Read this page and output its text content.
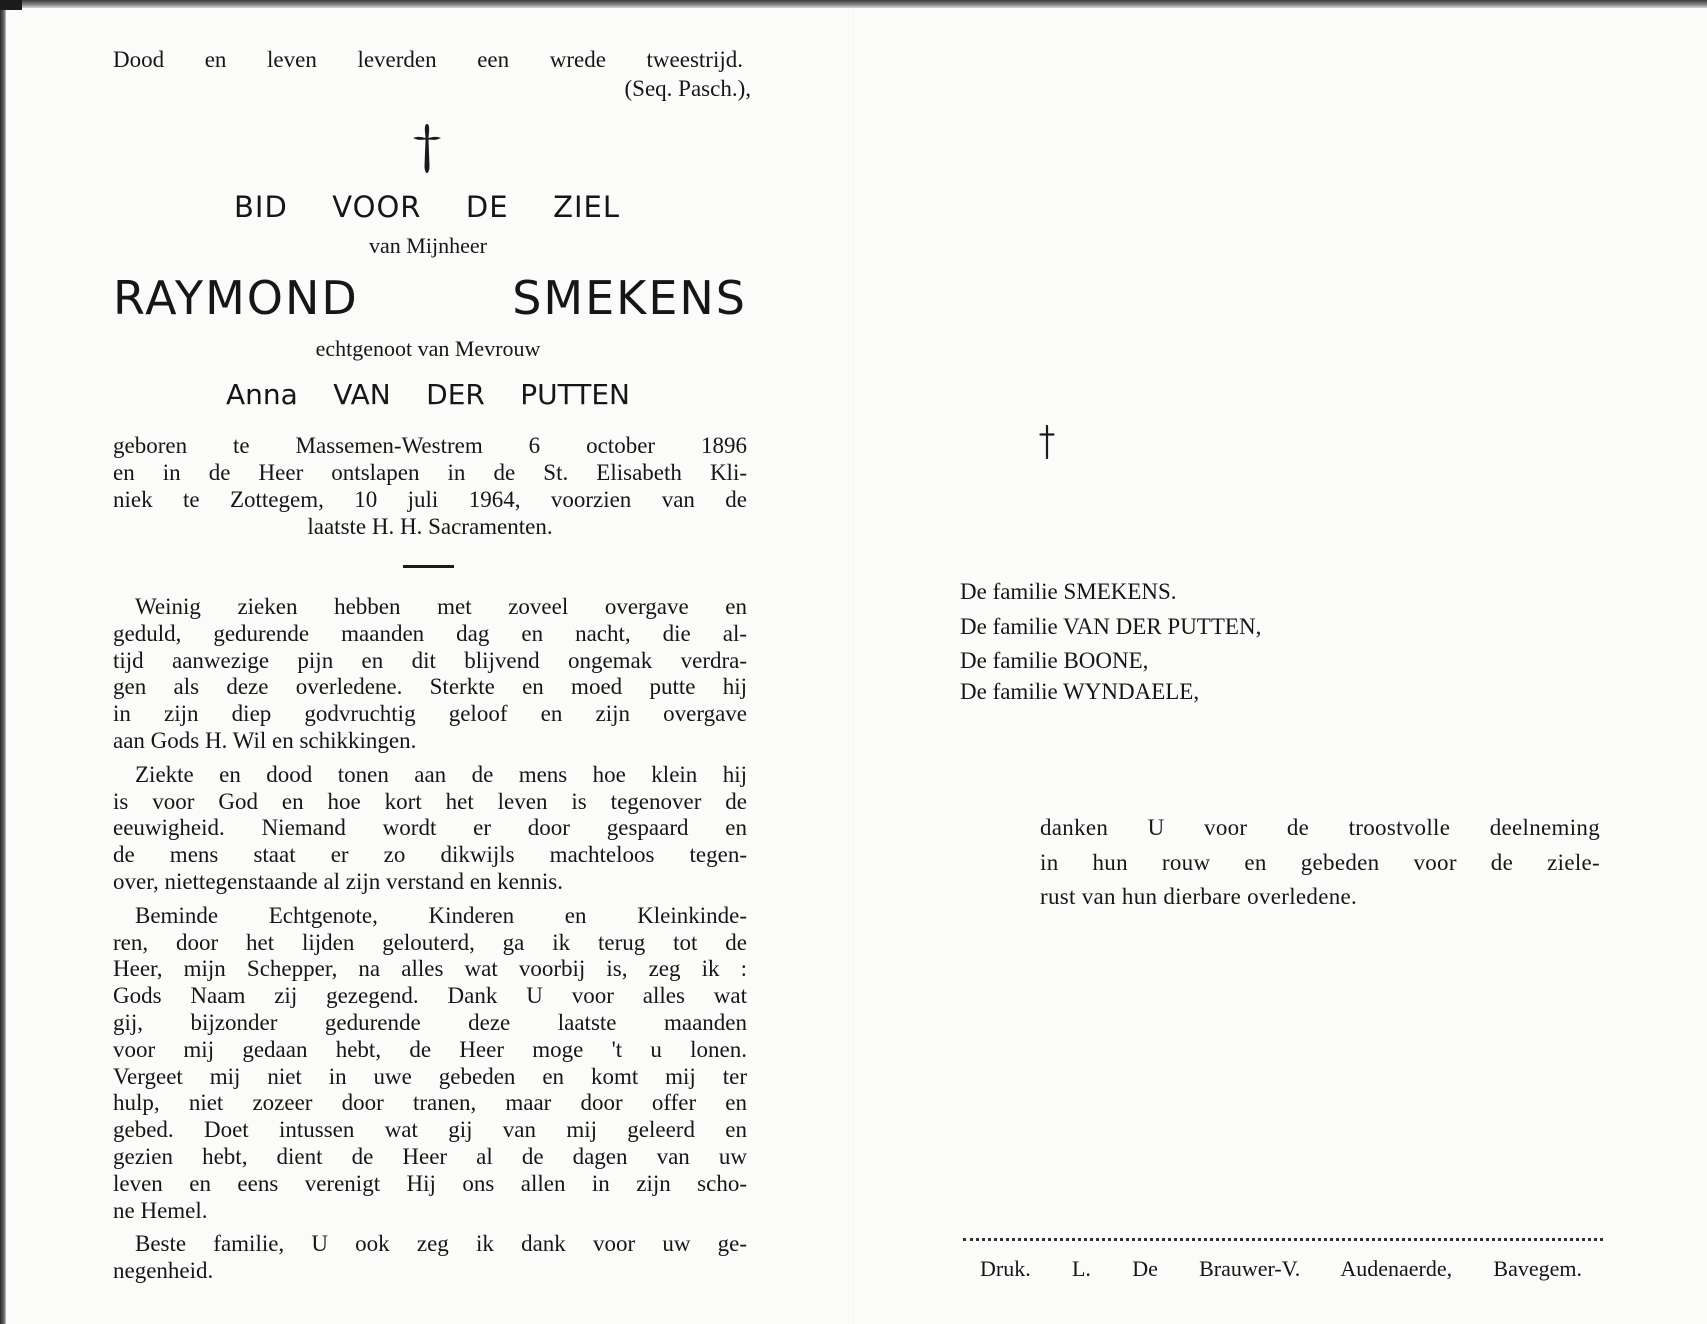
Dood en leven leverden een wrede tweestrijd.
(Seq. Pasch.),
BID VOOR DE ZIEL
van Mijnheer
RAYMOND SMEKENS
echtgenoot van Mevrouw
Anna VAN DER PUTTEN
geboren te Massemen-Westrem 6 october 1896
en in de Heer ontslapen in de St. Elisabeth Kli-
niek te Zottegem, 10 juli 1964, voorzien van de
laatste H. H. Sacramenten.
Weinig zieken hebben met zoveel overgave en
geduld, gedurende maanden dag en nacht, die al-
tijd aanwezige pijn en dit blijvend ongemak verdra-
gen als deze overledene. Sterkte en moed putte hij
in zijn diep godvruchtig geloof en zijn overgave
aan Gods H. Wil en schikkingen.
Ziekte en dood tonen aan de mens hoe klein hij
is voor God en hoe kort het leven is tegenover de
eeuwigheid. Niemand wordt er door gespaard en
de mens staat er zo dikwijls machteloos tegen-
over, niettegenstaande al zijn verstand en kennis.
Beminde Echtgenote, Kinderen en Kleinkinde-
ren, door het lijden gelouterd, ga ik terug tot de
Heer, mijn Schepper, na alles wat voorbij is, zeg ik :
Gods Naam zij gezegend. Dank U voor alles wat
gij, bijzonder gedurende deze laatste maanden
voor mij gedaan hebt, de Heer moge 't u lonen.
Vergeet mij niet in uwe gebeden en komt mij ter
hulp, niet zozeer door tranen, maar door offer en
gebed. Doet intussen wat gij van mij geleerd en
gezien hebt, dient de Heer al de dagen van uw
leven en eens verenigt Hij ons allen in zijn scho-
ne Hemel.
Beste familie, U ook zeg ik dank voor uw ge-
negenheid.
De familie SMEKENS.
De familie VAN DER PUTTEN,
De familie BOONE,
De familie WYNDAELE,
danken U voor de troostvolle deelneming
in hun rouw en gebeden voor de ziele-
rust van hun dierbare overledene.
Druk. L. De Brauwer-V. Audenaerde, Bavegem.
